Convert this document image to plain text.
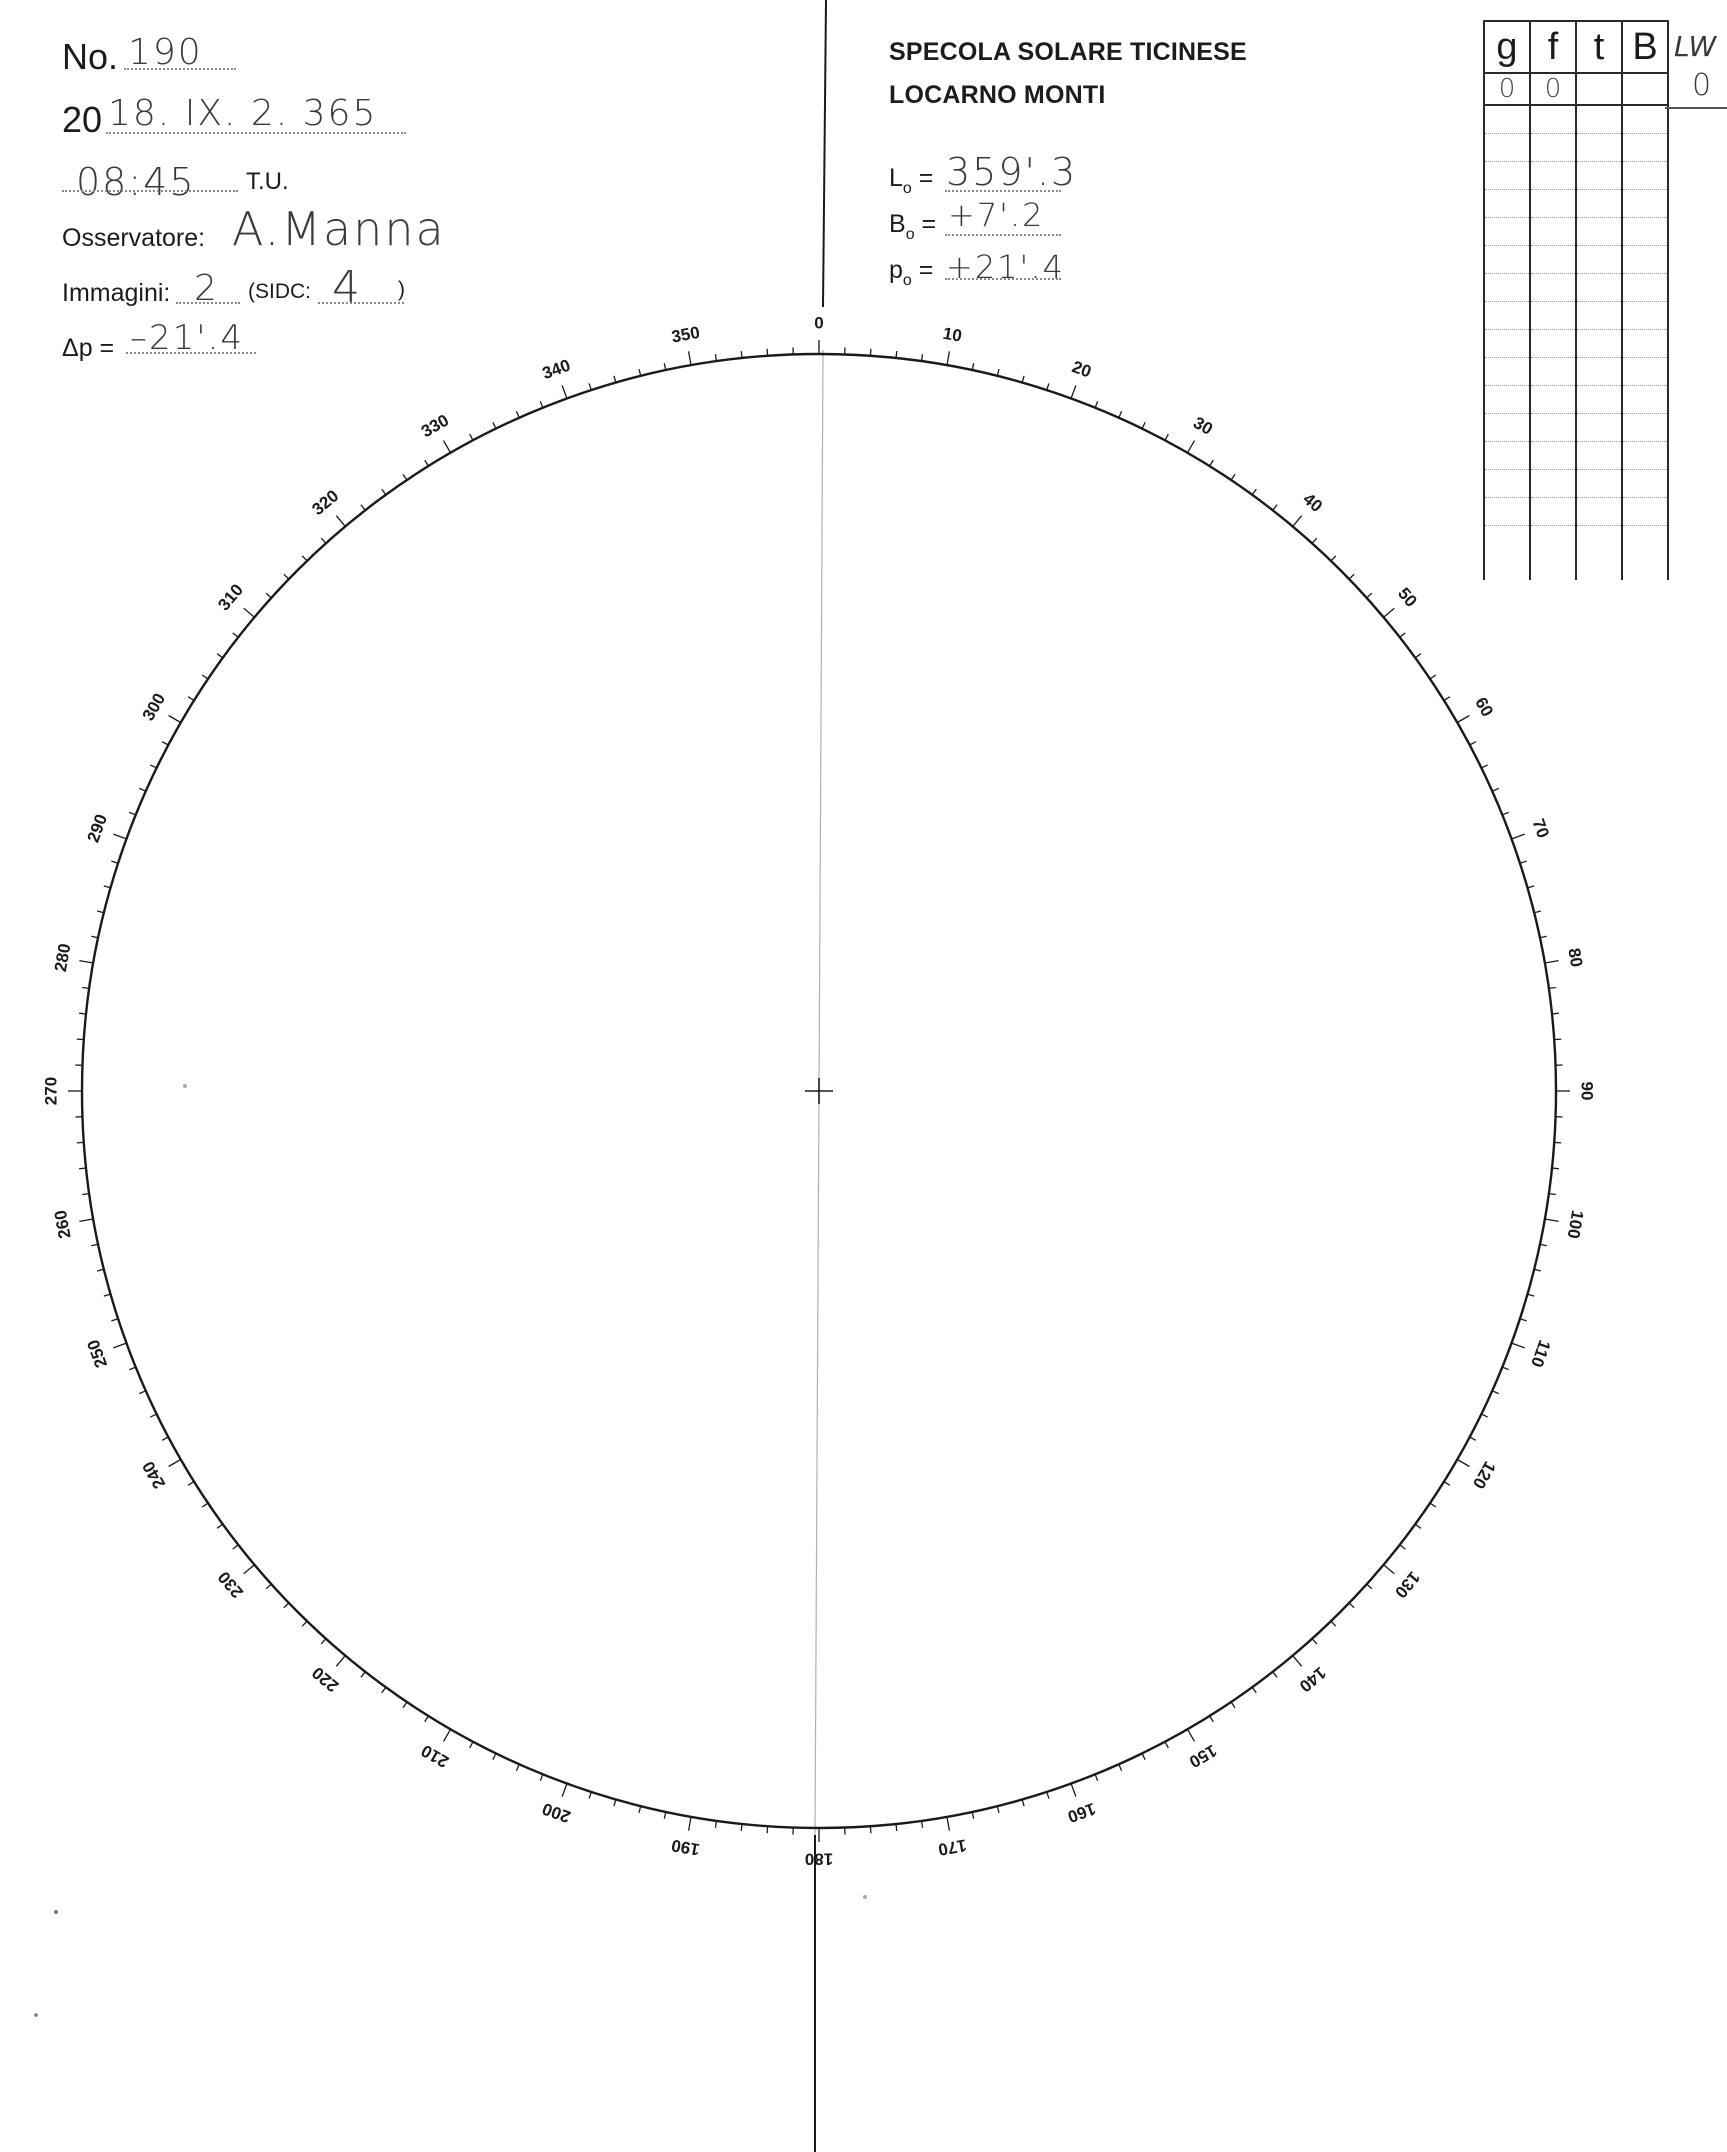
0
10
20
30
40
50
60
70
80
90
100
110
120
130
140
150
160
170
180
190
200
210
220
230
240
250
260
270
280
290
300
310
320
330
340
350
No. 190
20 18. IX. 2. 365
08:45 T.U.
Osservatore: A.Manna
Immagini: 2 (SIDC: 4 )
Δp = –21'.4
SPECOLA SOLARE TICINESE
LOCARNO MONTI
$L_o = 359'.3$
$B_o = +7'.2$
$p_o = +21'.4$
g	f	t	B
0	0		

LW
0
